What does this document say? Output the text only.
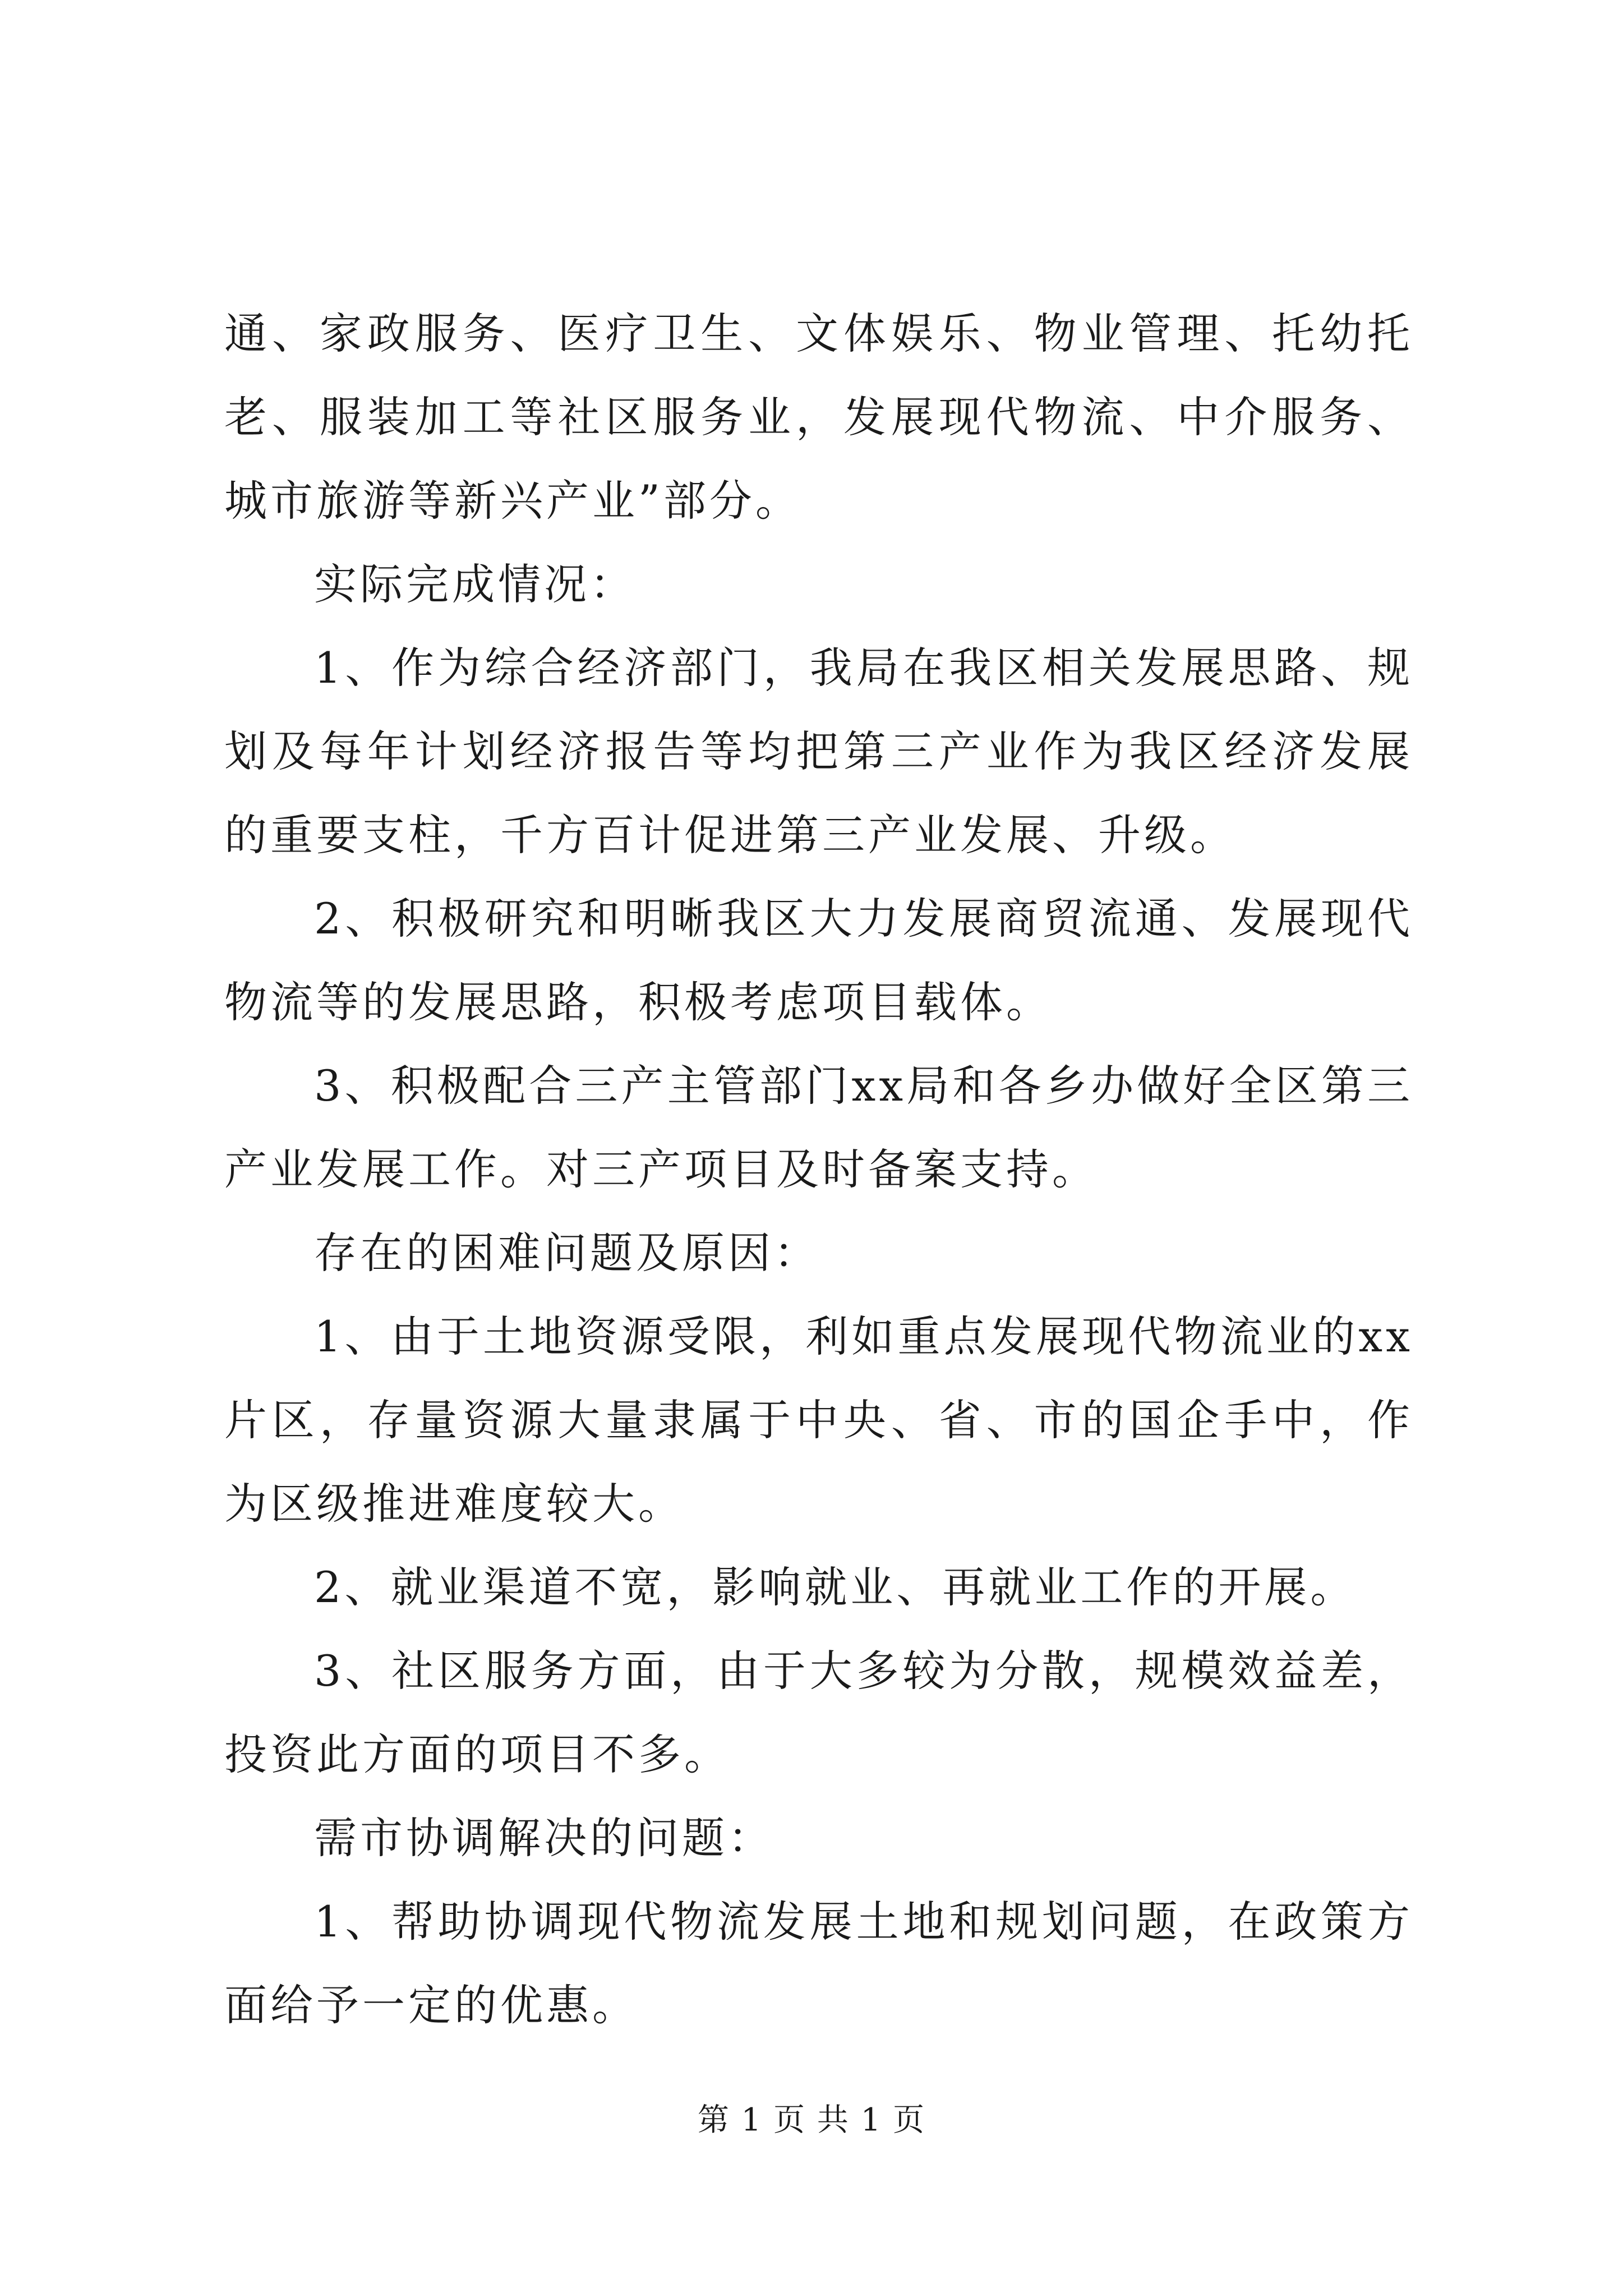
通、家政服务、医疗卫生、文体娱乐、物业管理、托幼托老、服装加工等社区服务业，发展现代物流、中介服务、城市旅游等新兴产业”部分。

实际完成情况：

1、作为综合经济部门，我局在我区相关发展思路、规划及每年计划经济报告等均把第三产业作为我区经济发展的重要支柱，千方百计促进第三产业发展、升级。

2、积极研究和明晰我区大力发展商贸流通、发展现代物流等的发展思路，积极考虑项目载体。

3、积极配合三产主管部门xx局和各乡办做好全区第三产业发展工作。对三产项目及时备案支持。

存在的困难问题及原因：

1、由于土地资源受限，利如重点发展现代物流业的xx片区，存量资源大量隶属于中央、省、市的国企手中，作为区级推进难度较大。

2、就业渠道不宽，影响就业、再就业工作的开展。

3、社区服务方面，由于大多较为分散，规模效益差，投资此方面的项目不多。

需市协调解决的问题：

1、帮助协调现代物流发展土地和规划问题，在政策方面给予一定的优惠。

第 1 页 共 1 页
